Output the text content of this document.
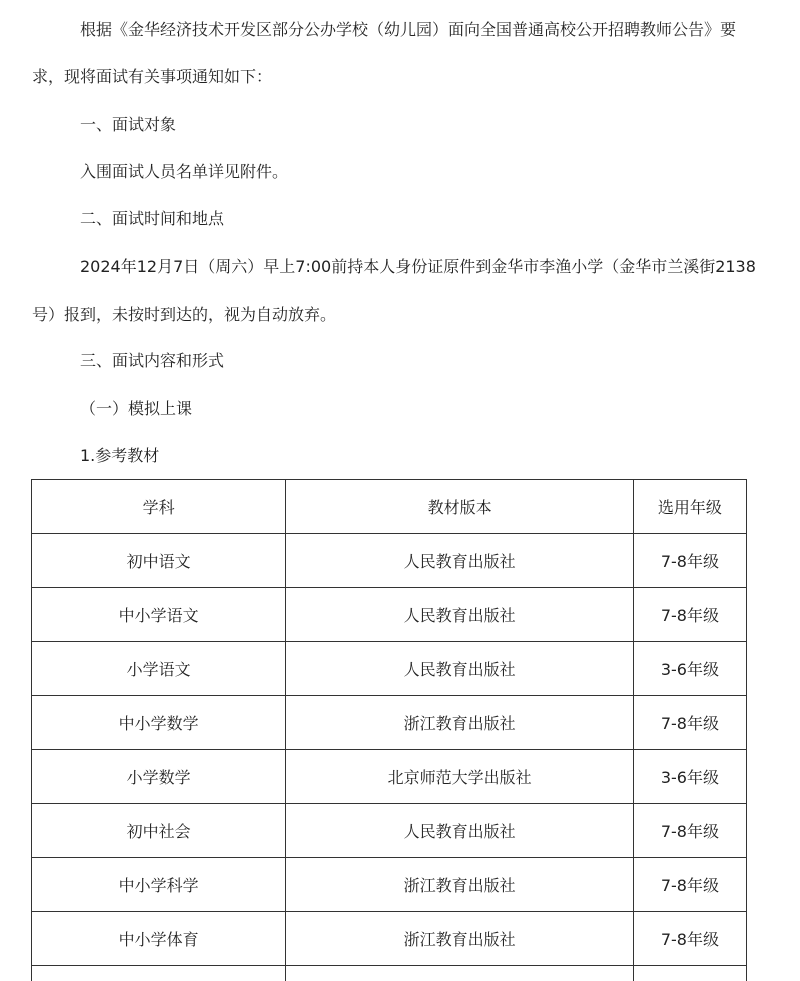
根据《金华经济技术开发区部分公办学校（幼儿园）面向全国普通高校公开招聘教师公告》要

求，现将面试有关事项通知如下：

一、面试对象

入围面试人员名单详见附件。

二、面试时间和地点

2024年12月7日（周六）早上7:00前持本人身份证原件到金华市李渔小学（金华市兰溪街2138

号）报到，未按时到达的，视为自动放弃。

三、面试内容和形式

（一）模拟上课

1.参考教材

学科	教材版本	选用年级
初中语文	人民教育出版社	7-8年级
中小学语文	人民教育出版社	7-8年级
小学语文	人民教育出版社	3-6年级
中小学数学	浙江教育出版社	7-8年级
小学数学	北京师范大学出版社	3-6年级
初中社会	人民教育出版社	7-8年级
中小学科学	浙江教育出版社	7-8年级
中小学体育	浙江教育出版社	7-8年级
